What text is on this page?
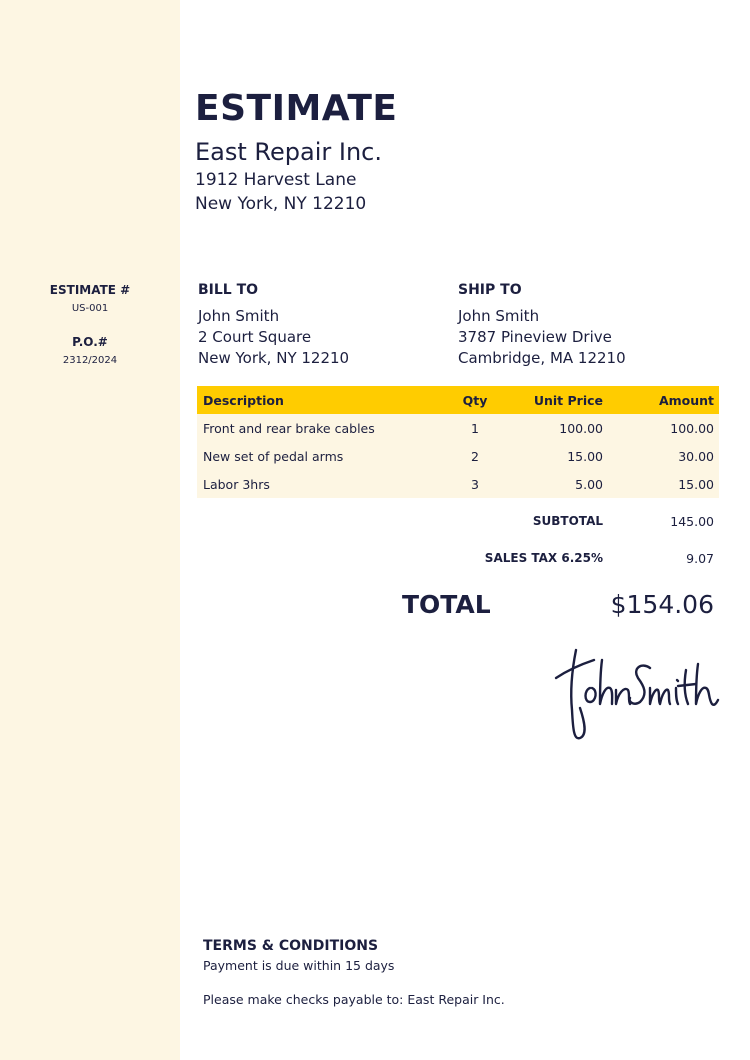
ESTIMATE #
US-001
P.O.#
2312/2024
ESTIMATE
East Repair Inc.
1912 Harvest Lane
New York, NY 12210
BILL TO
John Smith
2 Court Square
New York, NY 12210
SHIP TO
John Smith
3787 Pineview Drive
Cambridge, MA 12210
Description	Qty	Unit Price	Amount
Front and rear brake cables	1	100.00	100.00
New set of pedal arms	2	15.00	30.00
Labor 3hrs	3	5.00	15.00
SUBTOTAL	145.00
SALES TAX 6.25%	9.07
TOTAL	$154.06
TERMS & CONDITIONS
Payment is due within 15 days
Please make checks payable to: East Repair Inc.
